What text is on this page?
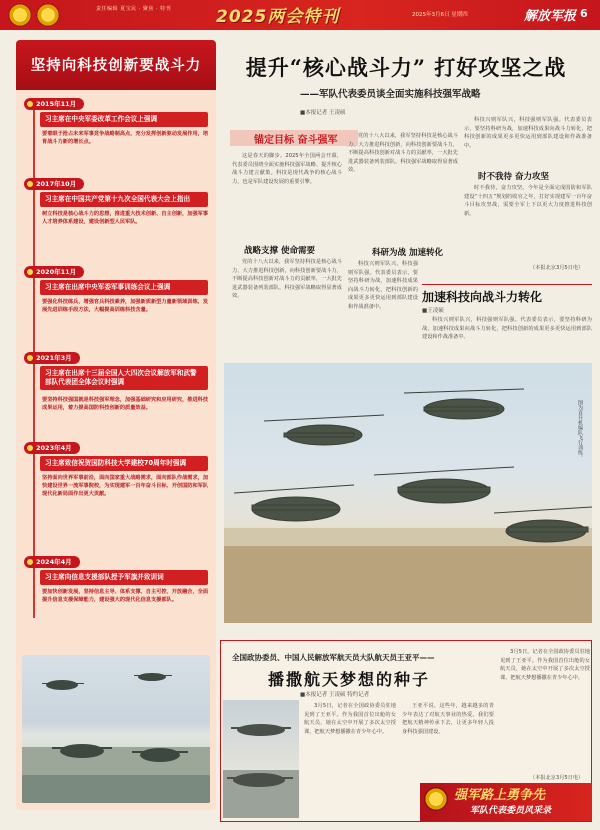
责任编辑 夏宝民 · 聚焦 · 特刊	2025两会特刊	2025年3月6日 星期四	解放军报 6
坚持向科技创新要战斗力
2015年11月
习主席在中央军委改革工作会议上强调
要着眼于抢占未来军事竞争战略制高点，充分发挥创新驱动发展作用，培育战斗力新的增长点。
2017年10月
习主席在中国共产党第十九次全国代表大会上指出
树立科技是核心战斗力的思想，推进重大技术创新、自主创新，加强军事人才培养体系建设，建设创新型人民军队。
2020年11月
习主席在出席中央军委军事训练会议上强调
要强化科技练兵，增强官兵科技素养，加强新质新型力量新领域训练，发展先进训练手段方法，大幅提高训练科技含量。
2021年3月
习主席在出席十三届全国人大四次会议解放军和武警部队代表团全体会议时强调
要坚持科技强国就是科技强军理念，加强基础研究和应用研究，推进科技成果运用，着力提高国防科技创新的质量效益。
2023年4月
习主席致信祝贺国防科技大学建校70周年时强调
坚持面向世界军事前沿，面向国家重大战略需求，面向部队作战需求，加快建设世界一流军事院校，为实现建军一百年奋斗目标、开创国防和军队现代化新局面作出更大贡献。
2024年4月
习主席向信息支援部队授予军旗并致训词
要加快创新发展，坚持信息主导、体系支撑、自主可控、开放融合，全面提升信息支援保障能力，建设强大的现代化信息支援部队。
提升“核心战斗力” 打好攻坚之战
——军队代表委员谈全面实施科技强军战略
■本报记者 王凌硕
锚定目标 奋斗强军

这是春天的脚步。2025年全国两会开幕，代表委员围绕全面实施科技强军战略、提升核心战斗力建言献策。科技是现代战争的核心战斗力，也是军队建设发展的重要引擎。

战略支撑 使命需要

党的十八大以来，我军坚持科技是核心战斗力，大力推进科技创新，向科技创新要战斗力，不断提高科技创新对战斗力的贡献率，一大批先进武器装备列装部队，科技强军战略取得显著成效。

党的十八大以来，我军坚持科技是核心战斗力，大力推进科技创新，向科技创新要战斗力，不断提高科技创新对战斗力的贡献率，一大批先进武器装备列装部队，科技强军战略取得显著成效。

科研为战 加速转化

科技兴则军队兴，科技强则军队强。代表委员表示，要坚持科研为战，加速科技成果向战斗力转化，把科技创新的成果更多更快运用到部队建设和作战准备中。

科技兴则军队兴，科技强则军队强。代表委员表示，要坚持科研为战，加速科技成果向战斗力转化，把科技创新的成果更多更快运用到部队建设和作战准备中。

时不我待 奋力攻坚

时不我待，奋力攻坚。今年是全面完成国防和军队建设“十四五”规划的收官之年，打好实现建军一百年奋斗目标攻坚战，需要全军上下以更大力度推进科技创新。

（本报北京3月5日电）
加速科技向战斗力转化
■王凌硕

科技兴则军队兴，科技强则军队强。代表委员表示，要坚持科研为战，加速科技成果向战斗力转化，把科技创新的成果更多更快运用到部队建设和作战准备中。

图为直升机编队飞行训练。
全国政协委员、中国人民解放军航天员大队航天员王亚平——
播撒航天梦想的种子
■本报记者 王凌硕 特约记者

3月5日，记者在全国政协委员驻地见到了王亚平。作为我国首位出舱的女航天员，她在太空中开展了多次太空授课，把航天梦想播撒在青少年心中。

王亚平说，这些年，越来越多的青少年表达了对航天事业的热爱。我们要把航天精神传承下去，让更多年轻人投身科技强国建设。

3月5日，记者在全国政协委员驻地见到了王亚平。作为我国首位出舱的女航天员，她在太空中开展了多次太空授课，把航天梦想播撒在青少年心中。

（本报北京3月5日电）
强军路上勇争先
军队代表委员风采录
